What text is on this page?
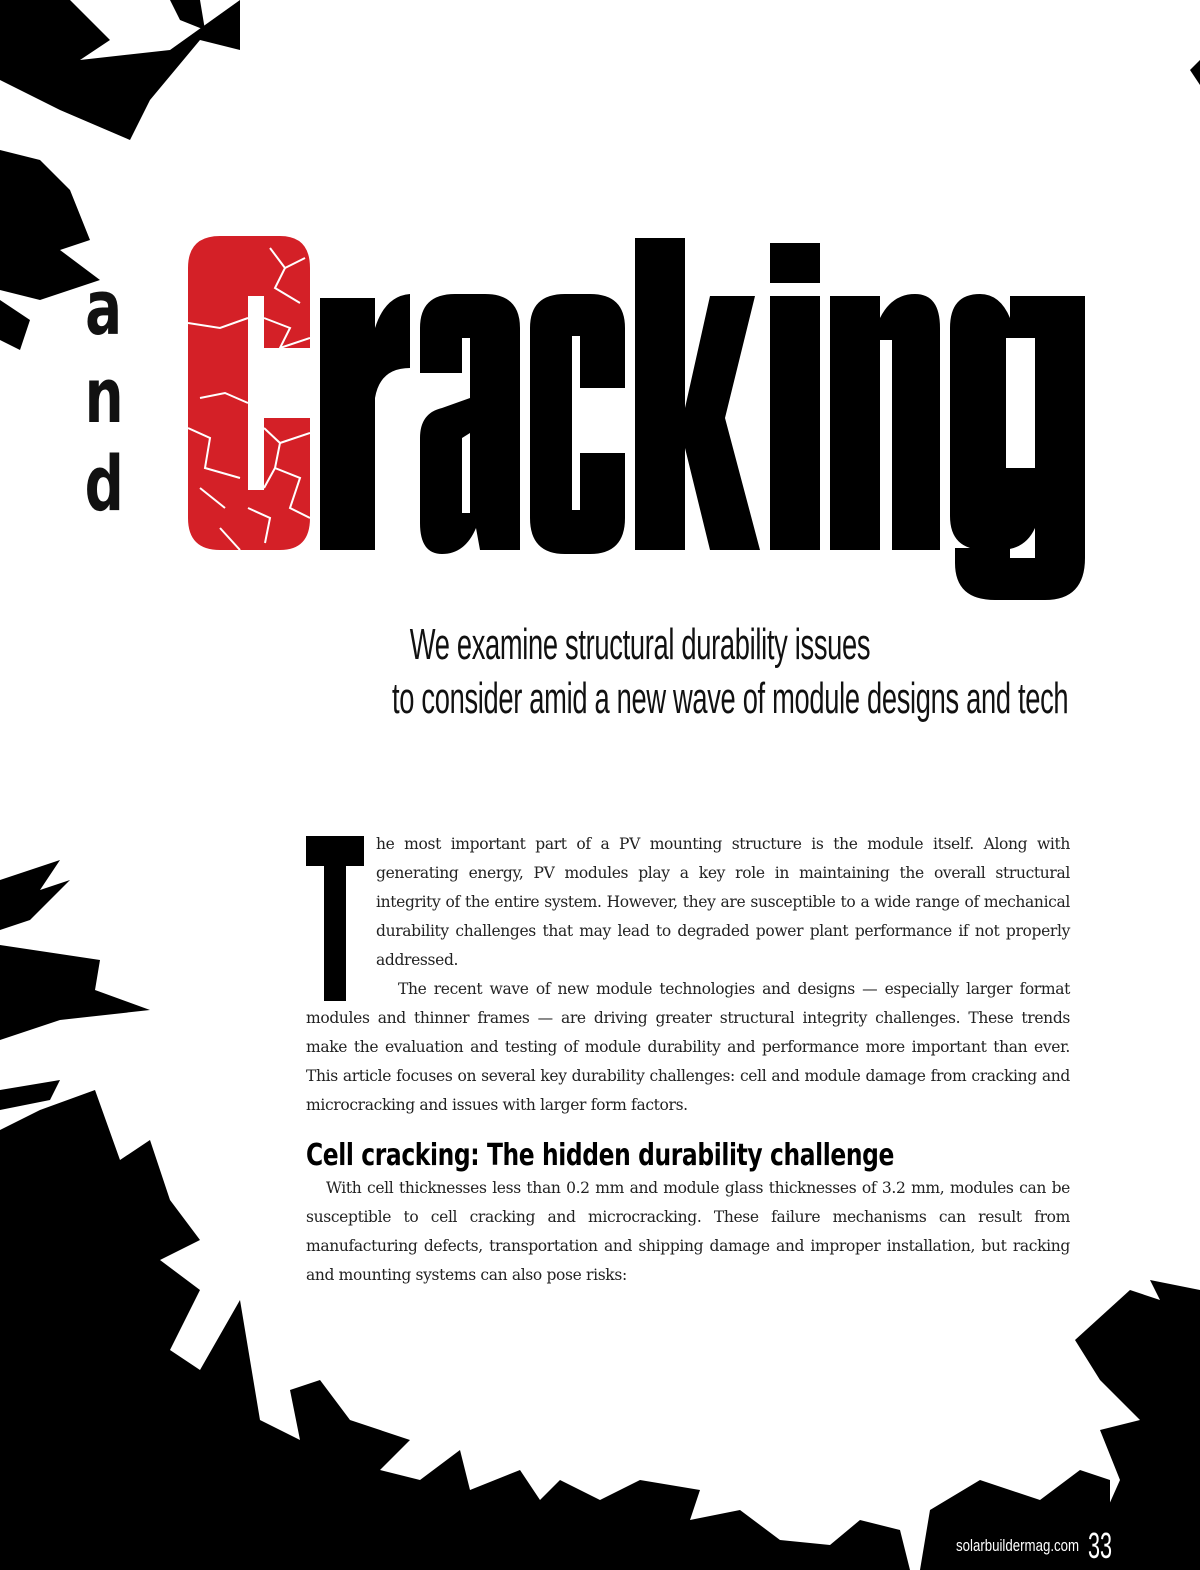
a
n
d
We examine structural durability issues
to consider amid a new wave of module designs and tech
T

he most important part of a PV mounting structure is the module itself. Along with generating energy, PV modules play a key role in maintaining the overall structural integrity of the entire system. However, they are susceptible to a wide range of mechanical durability challenges that may lead to degraded power plant performance if not properly addressed.

The recent wave of new module technologies and designs — especially larger format modules and thinner frames — are driving greater structural integrity challenges. These trends make the evaluation and testing of module durability and performance more important than ever. This article focuses on several key durability challenges: cell and module damage from cracking and microcracking and issues with larger form factors.

Cell cracking: The hidden durability challenge

With cell thicknesses less than 0.2 mm and module glass thicknesses of 3.2 mm, modules can be susceptible to cell cracking and microcracking. These failure mechanisms can result from manufacturing defects, transportation and shipping damage and improper installation, but racking and mounting systems can also pose risks:

solarbuildermag.com 33
